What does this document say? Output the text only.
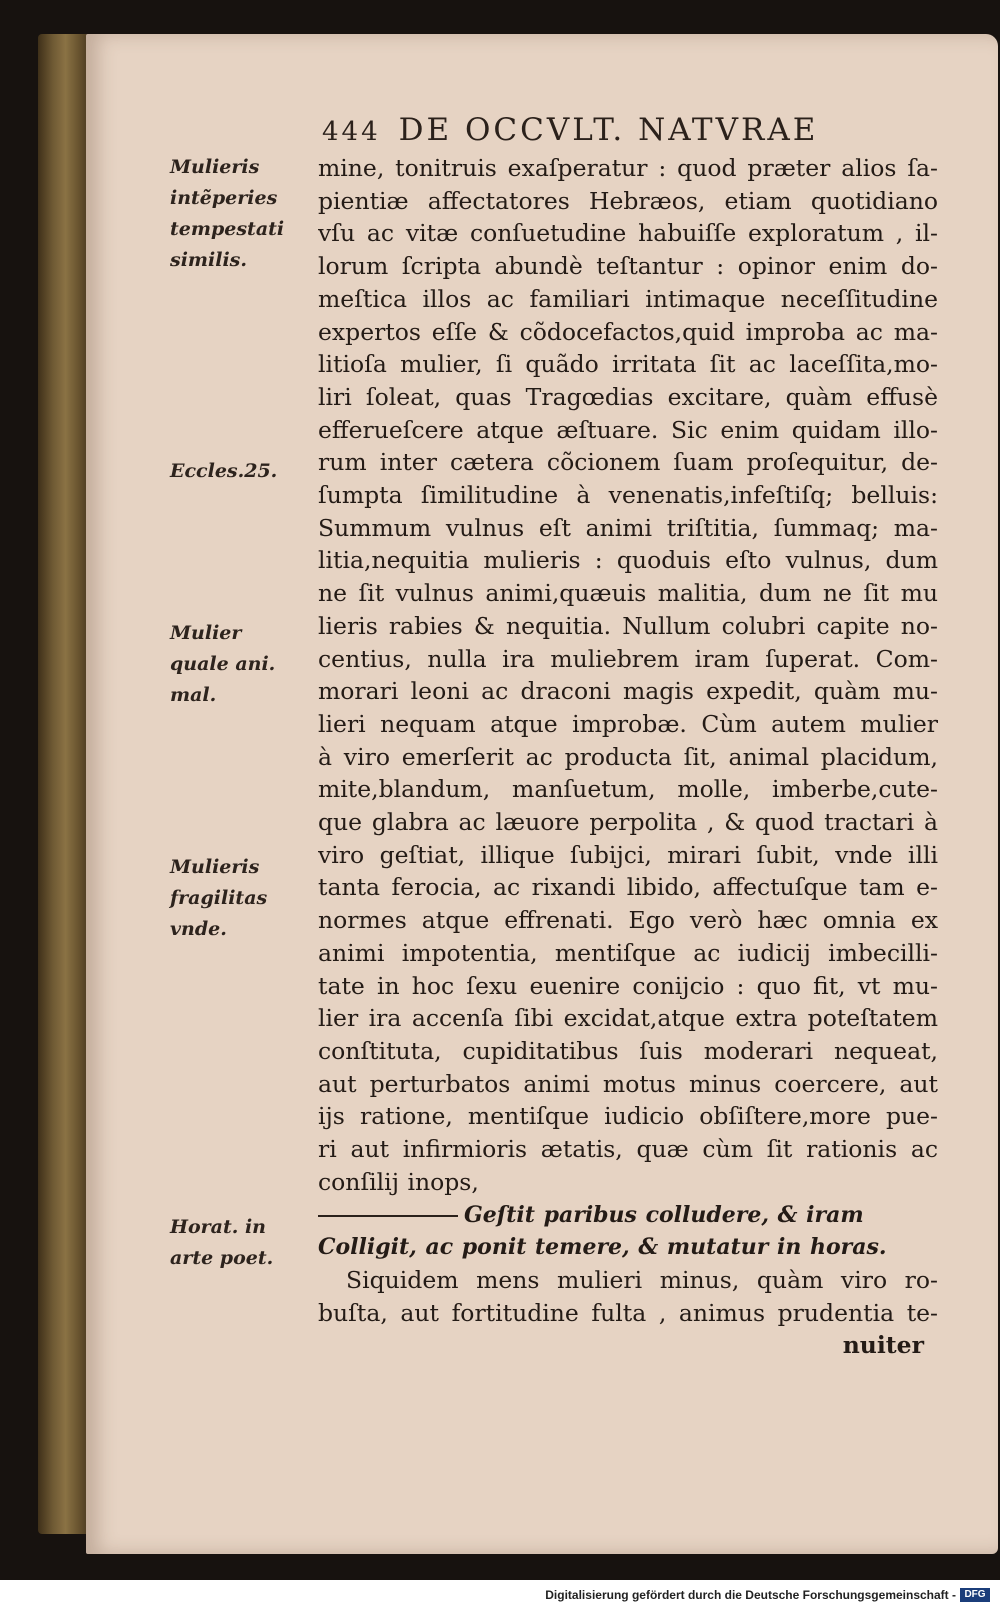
444 DE OCCVLT. NATVRAE
Mulieris
intẽperies
tempestati
similis.
Eccles.25.
Mulier
quale ani.
mal.
Mulieris
fragilitas
vnde.
Horat. in
arte poet.
mine, tonitruis exaſperatur : quod præter alios ſa-
pientiæ affectatores Hebræos, etiam quotidiano
vſu ac vitæ conſuetudine habuiſſe exploratum , il-
lorum ſcripta abundè teſtantur : opinor enim do-
meſtica illos ac familiari intimaque neceſſitudine
expertos eſſe & cõdocefactos,quid improba ac ma-
litioſa mulier, ſi quãdo irritata ſit ac laceſſita,mo-
liri ſoleat, quas Tragœdias excitare, quàm effusè
efferueſcere atque æſtuare. Sic enim quidam illo-
rum inter cætera cõcionem ſuam proſequitur, de-
ſumpta ſimilitudine à venenatis,infeſtiſq; belluis:
Summum vulnus eſt animi triſtitia, ſummaq; ma-
litia,nequitia mulieris : quoduis eſto vulnus, dum
ne ſit vulnus animi,quæuis malitia, dum ne ſit mu
lieris rabies & nequitia. Nullum colubri capite no-
centius, nulla ira muliebrem iram ſuperat. Com-
morari leoni ac draconi magis expedit, quàm mu-
lieri nequam atque improbæ. Cùm autem mulier
à viro emerſerit ac producta ſit, animal placidum,
mite,blandum, manſuetum, molle, imberbe,cute-
que glabra ac læuore perpolita , & quod tractari à
viro geſtiat, illique ſubijci, mirari ſubit, vnde illi
tanta ferocia, ac rixandi libido, affectuſque tam e-
normes atque effrenati. Ego verò hæc omnia ex
animi impotentia, mentiſque ac iudicij imbecilli-
tate in hoc ſexu euenire conijcio : quo fit, vt mu-
lier ira accenſa ſibi excidat,atque extra poteſtatem
conſtituta, cupiditatibus ſuis moderari nequeat,
aut perturbatos animi motus minus coercere, aut
ijs ratione, mentiſque iudicio obſiſtere,more pue-
ri aut infirmioris ætatis, quæ cùm ſit rationis ac
conſilij inops,
Geſtit paribus colludere, & iram
Colligit, ac ponit temere, & mutatur in horas.
Siquidem mens mulieri minus, quàm viro ro-
buſta, aut fortitudine fulta , animus prudentia te-
nuiter
Digitalisierung gefördert durch die Deutsche Forschungsgemeinschaft - DFG
